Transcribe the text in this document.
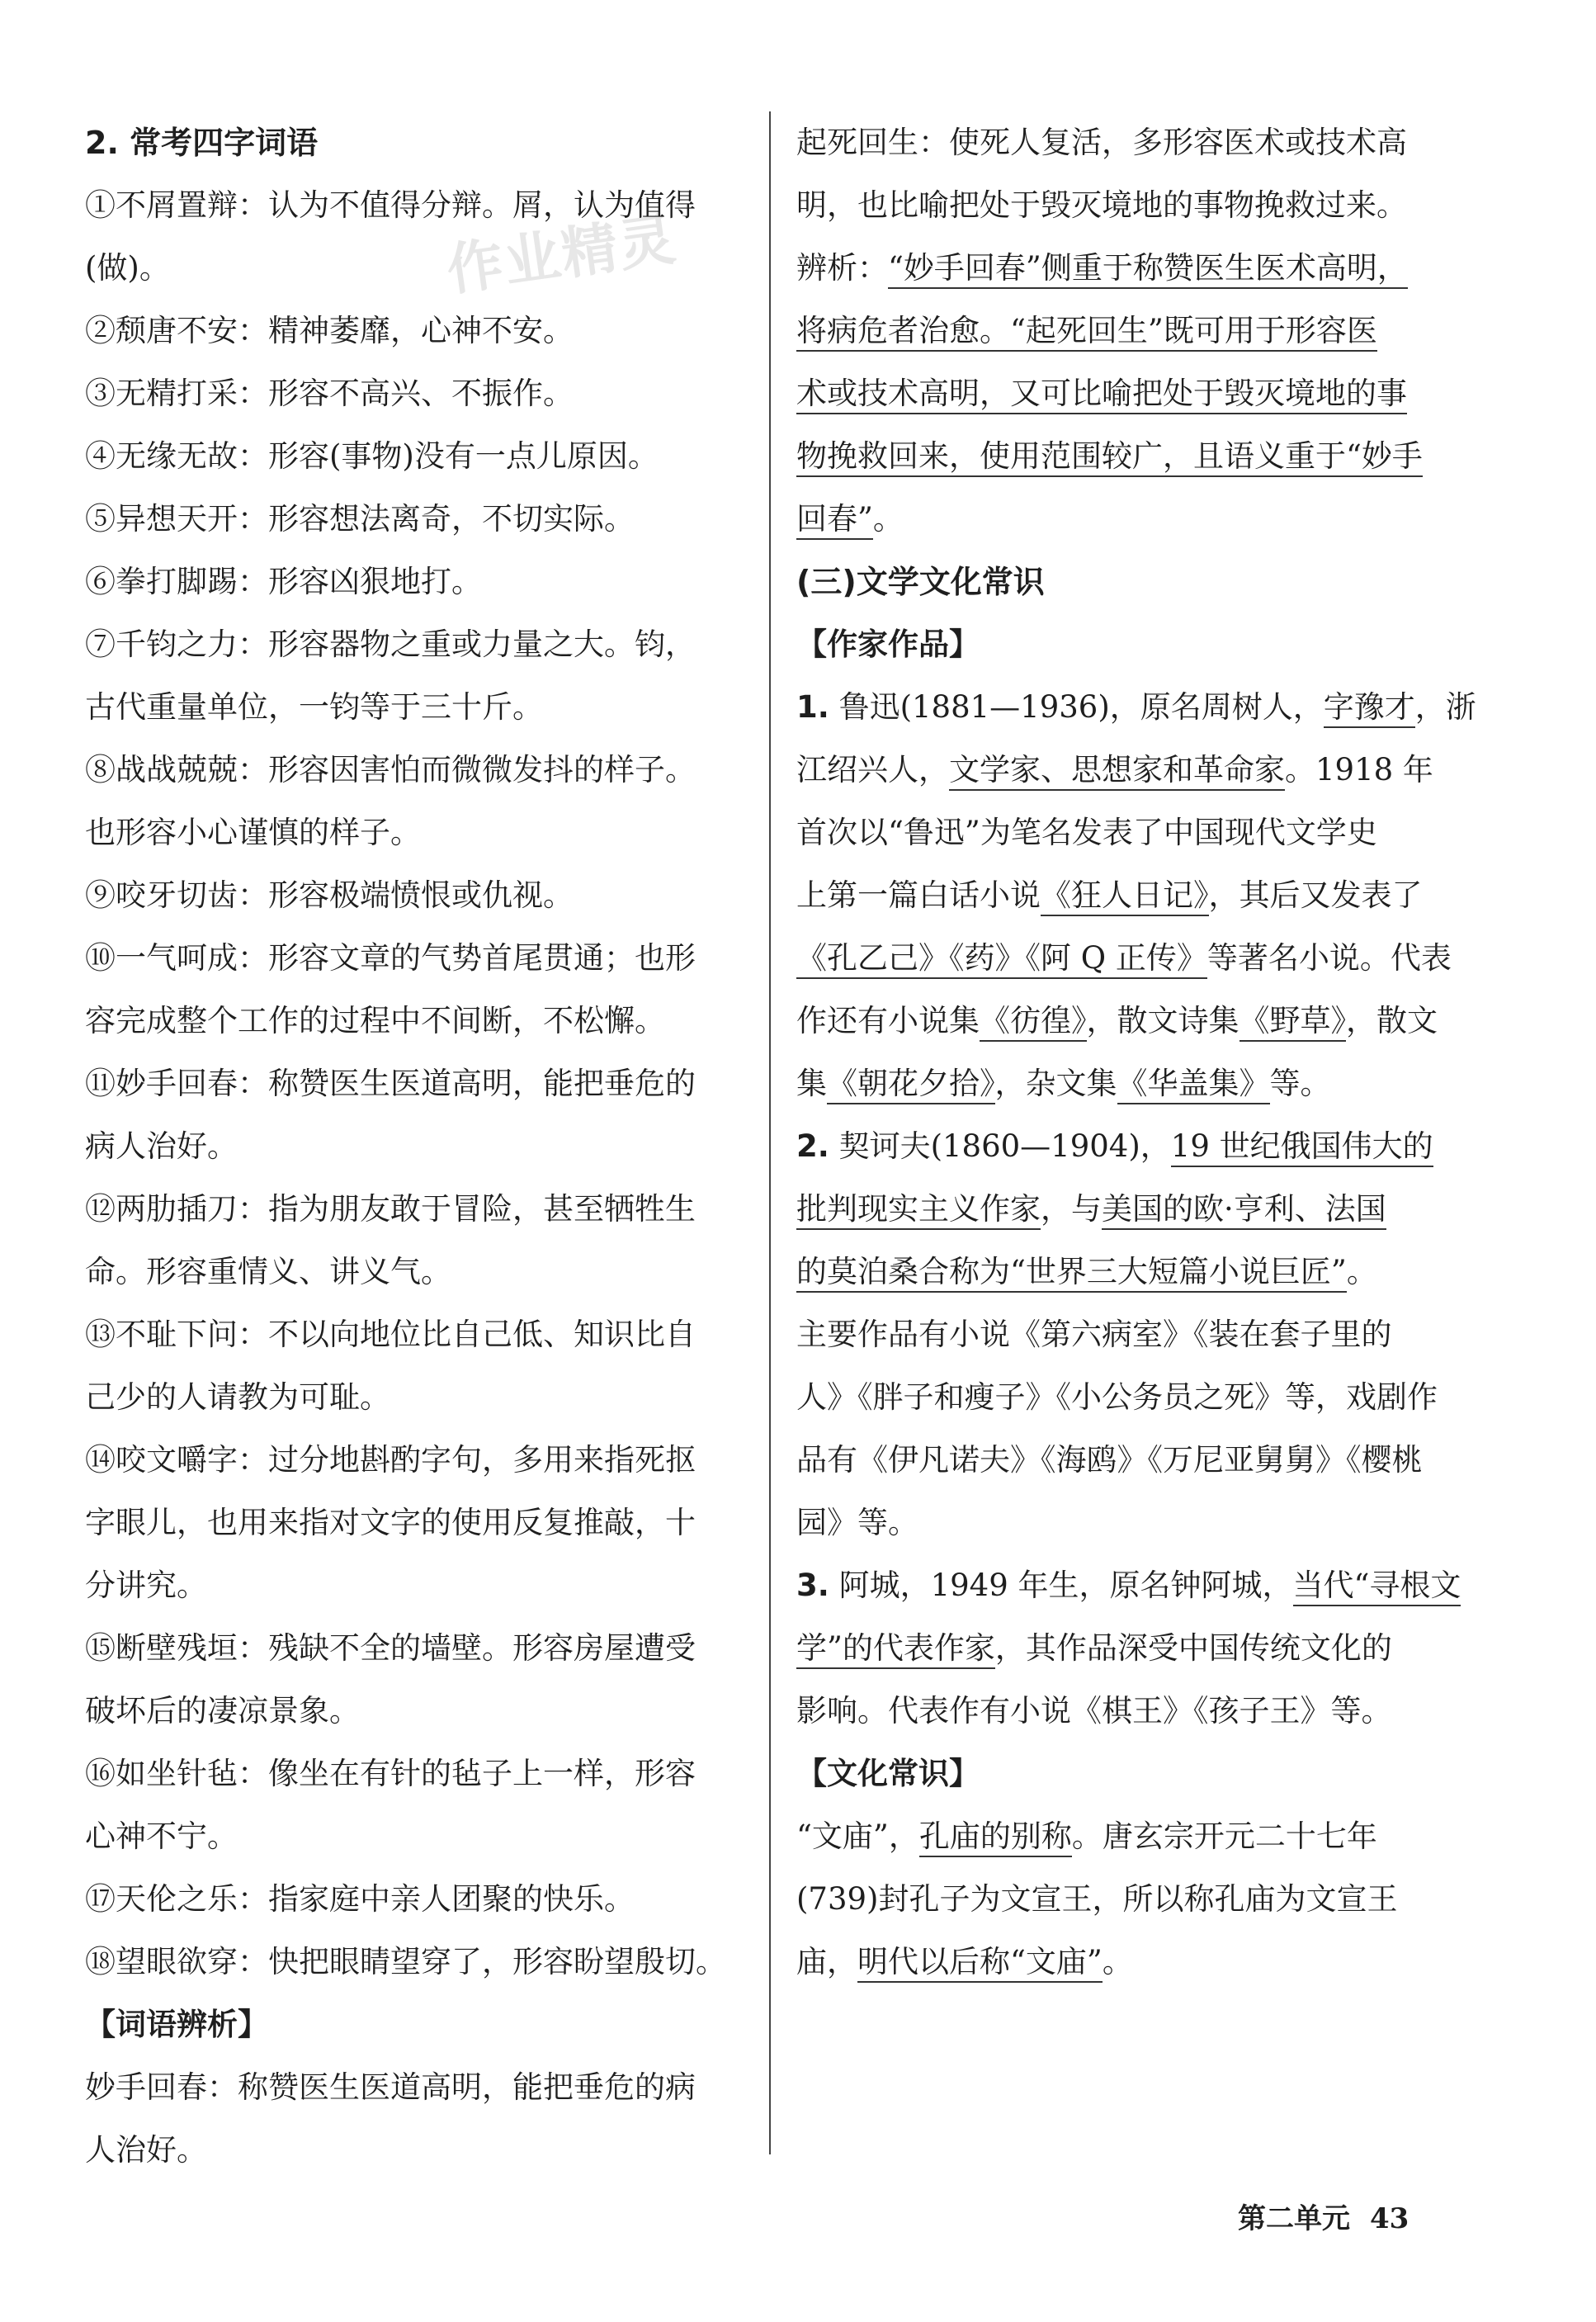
作业精灵

2. 常考四字词语

①不屑置辩：认为不值得分辩。屑，认为值得

(做)。

②颓唐不安：精神萎靡，心神不安。

③无精打采：形容不高兴、不振作。

④无缘无故：形容(事物)没有一点儿原因。

⑤异想天开：形容想法离奇，不切实际。

⑥拳打脚踢：形容凶狠地打。

⑦千钧之力：形容器物之重或力量之大。钧，

古代重量单位，一钧等于三十斤。

⑧战战兢兢：形容因害怕而微微发抖的样子。

也形容小心谨慎的样子。

⑨咬牙切齿：形容极端愤恨或仇视。

⑩一气呵成：形容文章的气势首尾贯通；也形

容完成整个工作的过程中不间断，不松懈。

⑪妙手回春：称赞医生医道高明，能把垂危的

病人治好。

⑫两肋插刀：指为朋友敢于冒险，甚至牺牲生

命。形容重情义、讲义气。

⑬不耻下问：不以向地位比自己低、知识比自

己少的人请教为可耻。

⑭咬文嚼字：过分地斟酌字句，多用来指死抠

字眼儿，也用来指对文字的使用反复推敲，十

分讲究。

⑮断壁残垣：残缺不全的墙壁。形容房屋遭受

破坏后的凄凉景象。

⑯如坐针毡：像坐在有针的毡子上一样，形容

心神不宁。

⑰天伦之乐：指家庭中亲人团聚的快乐。

⑱望眼欲穿：快把眼睛望穿了，形容盼望殷切。

【词语辨析】

妙手回春：称赞医生医道高明，能把垂危的病

人治好。

起死回生：使死人复活，多形容医术或技术高

明，也比喻把处于毁灭境地的事物挽救过来。

辨析：“妙手回春”侧重于称赞医生医术高明，

将病危者治愈。“起死回生”既可用于形容医

术或技术高明，又可比喻把处于毁灭境地的事

物挽救回来，使用范围较广，且语义重于“妙手

回春”。

(三)文学文化常识

【作家作品】

1. 鲁迅(1881—1936)，原名周树人，字豫才，浙

江绍兴人，文学家、思想家和革命家。1918 年

首次以“鲁迅”为笔名发表了中国现代文学史

上第一篇白话小说《狂人日记》，其后又发表了

《孔乙己》《药》《阿 Q 正传》等著名小说。代表

作还有小说集《彷徨》，散文诗集《野草》，散文

集《朝花夕拾》，杂文集《华盖集》等。

2. 契诃夫(1860—1904)，19 世纪俄国伟大的

批判现实主义作家，与美国的欧·亨利、法国

的莫泊桑合称为“世界三大短篇小说巨匠”。

主要作品有小说《第六病室》《装在套子里的

人》《胖子和瘦子》《小公务员之死》等，戏剧作

品有《伊凡诺夫》《海鸥》《万尼亚舅舅》《樱桃

园》等。

3. 阿城，1949 年生，原名钟阿城，当代“寻根文

学”的代表作家，其作品深受中国传统文化的

影响。代表作有小说《棋王》《孩子王》等。

【文化常识】

“文庙”，孔庙的别称。唐玄宗开元二十七年

(739)封孔子为文宣王，所以称孔庙为文宣王

庙，明代以后称“文庙”。

第二单元 43
